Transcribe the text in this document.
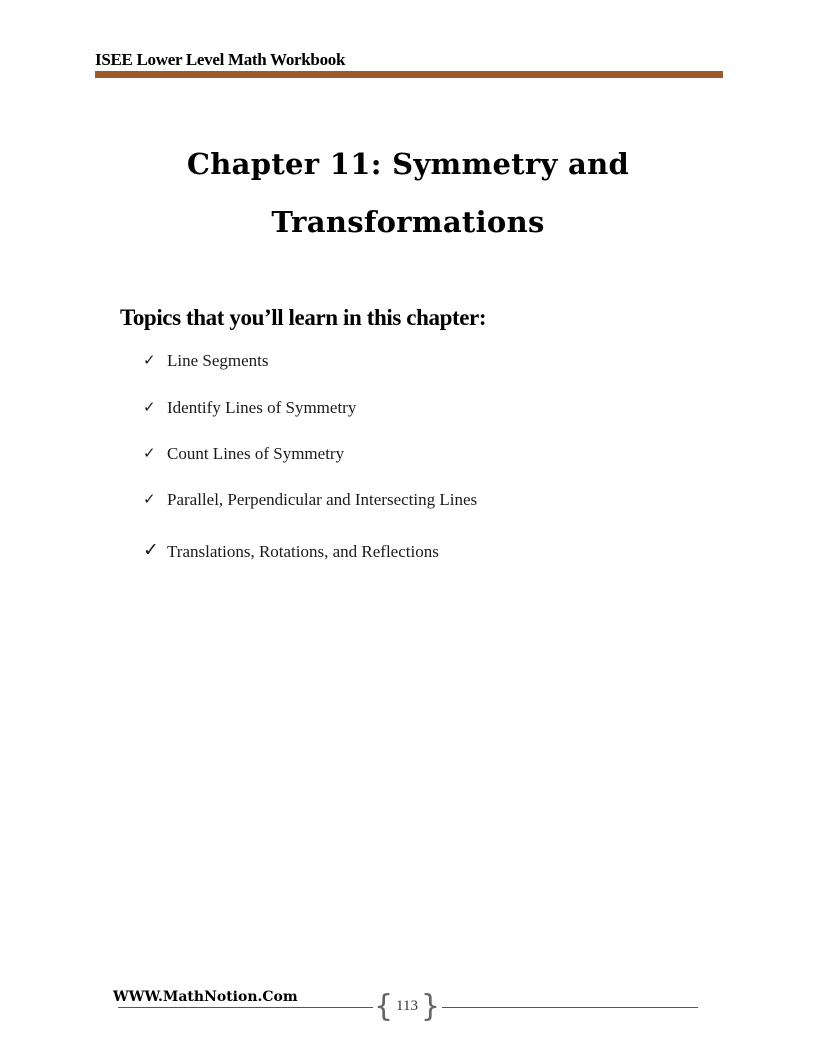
ISEE Lower Level Math Workbook
Chapter 11: Symmetry and
Transformations
Topics that you’ll learn in this chapter:
✓ Line Segments
✓ Identify Lines of Symmetry
✓ Count Lines of Symmetry
✓ Parallel, Perpendicular and Intersecting Lines
✓ Translations, Rotations, and Reflections
WWW.MathNotion.Com	{ 113 }
